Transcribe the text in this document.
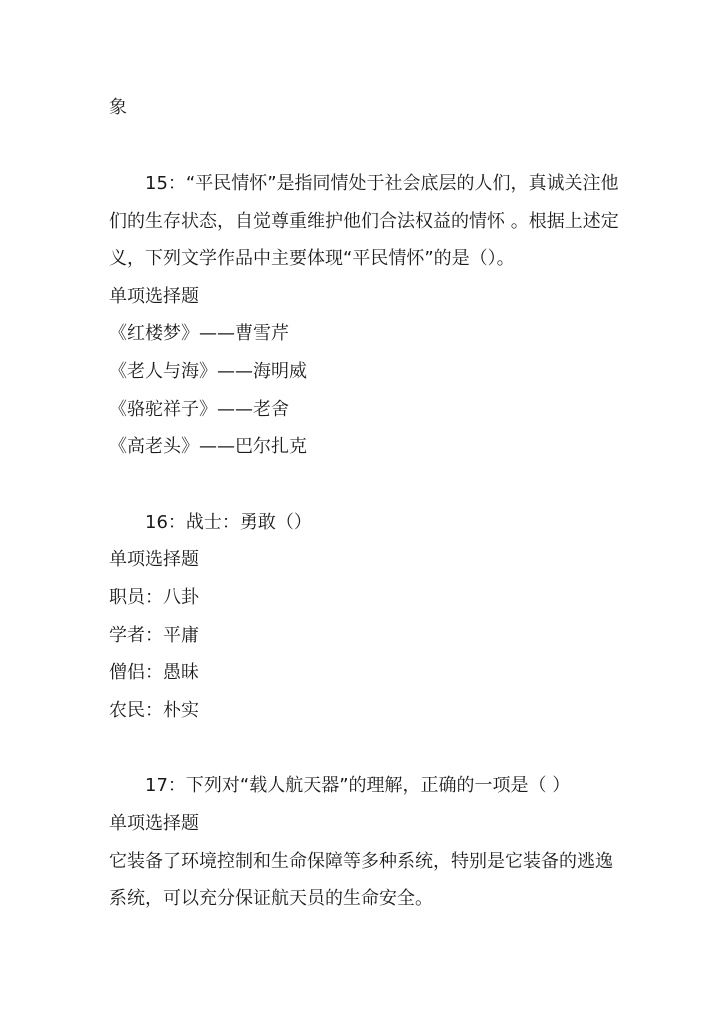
象
15：“平民情怀”是指同情处于社会底层的人们，真诚关注他
们的生存状态，自觉尊重维护他们合法权益的情怀 。根据上述定
义，下列文学作品中主要体现“平民情怀”的是（）。
单项选择题
《红楼梦》——曹雪芹
《老人与海》——海明威
《骆驼祥子》——老舍
《高老头》——巴尔扎克
16：战士：勇敢（）
单项选择题
职员：八卦
学者：平庸
僧侣：愚昧
农民：朴实
17：下列对“载人航天器”的理解，正确的一项是（ ）
单项选择题
它装备了环境控制和生命保障等多种系统，特别是它装备的逃逸
系统，可以充分保证航天员的生命安全。
